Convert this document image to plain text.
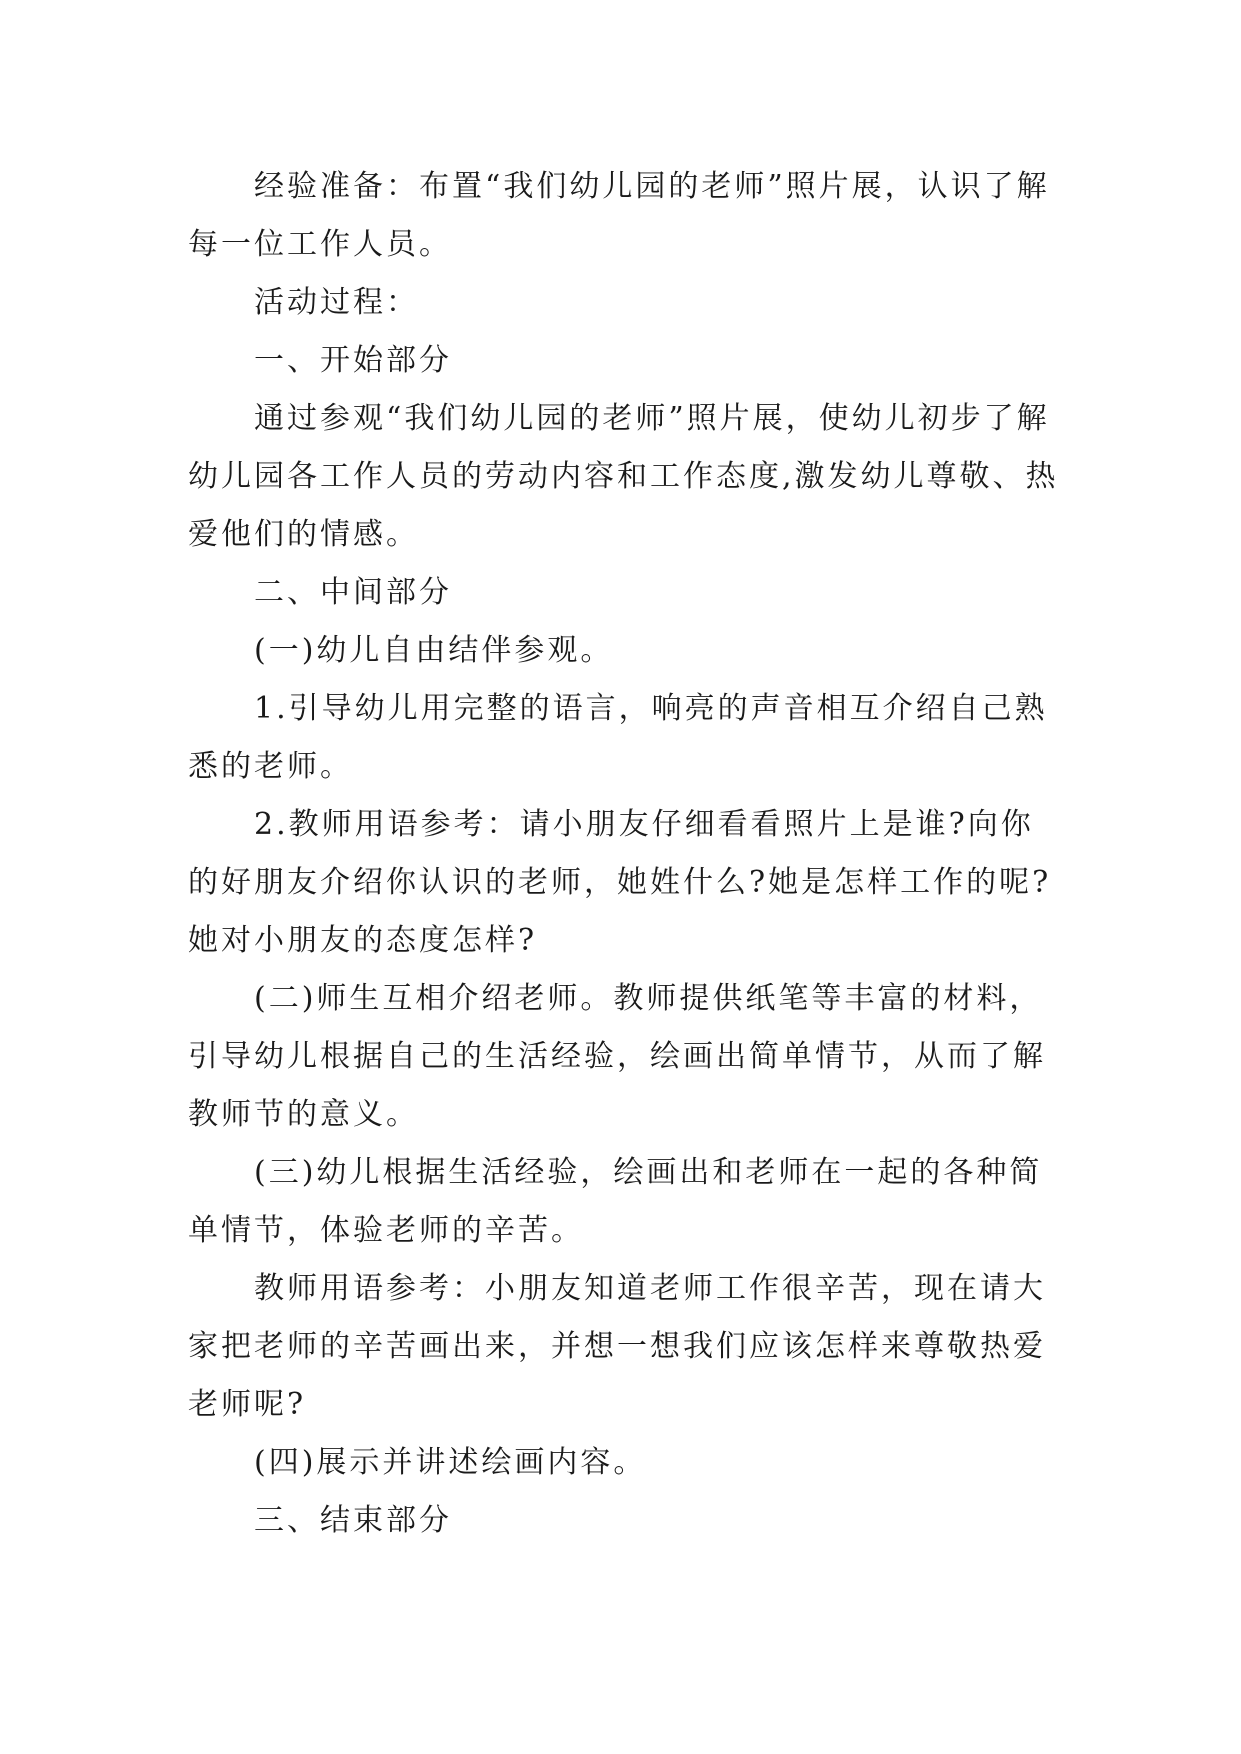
经验准备：布置“我们幼儿园的老师”照片展，认识了解每一位工作人员。

活动过程：

一、开始部分

通过参观“我们幼儿园的老师”照片展，使幼儿初步了解幼儿园各工作人员的劳动内容和工作态度,激发幼儿尊敬、热爱他们的情感。

二、中间部分

(一)幼儿自由结伴参观。

1.引导幼儿用完整的语言，响亮的声音相互介绍自己熟悉的老师。

2.教师用语参考：请小朋友仔细看看照片上是谁?向你的好朋友介绍你认识的老师，她姓什么?她是怎样工作的呢?她对小朋友的态度怎样?

(二)师生互相介绍老师。教师提供纸笔等丰富的材料，引导幼儿根据自己的生活经验，绘画出简单情节，从而了解教师节的意义。

(三)幼儿根据生活经验，绘画出和老师在一起的各种简单情节，体验老师的辛苦。

教师用语参考：小朋友知道老师工作很辛苦，现在请大家把老师的辛苦画出来，并想一想我们应该怎样来尊敬热爱老师呢?

(四)展示并讲述绘画内容。

三、结束部分
